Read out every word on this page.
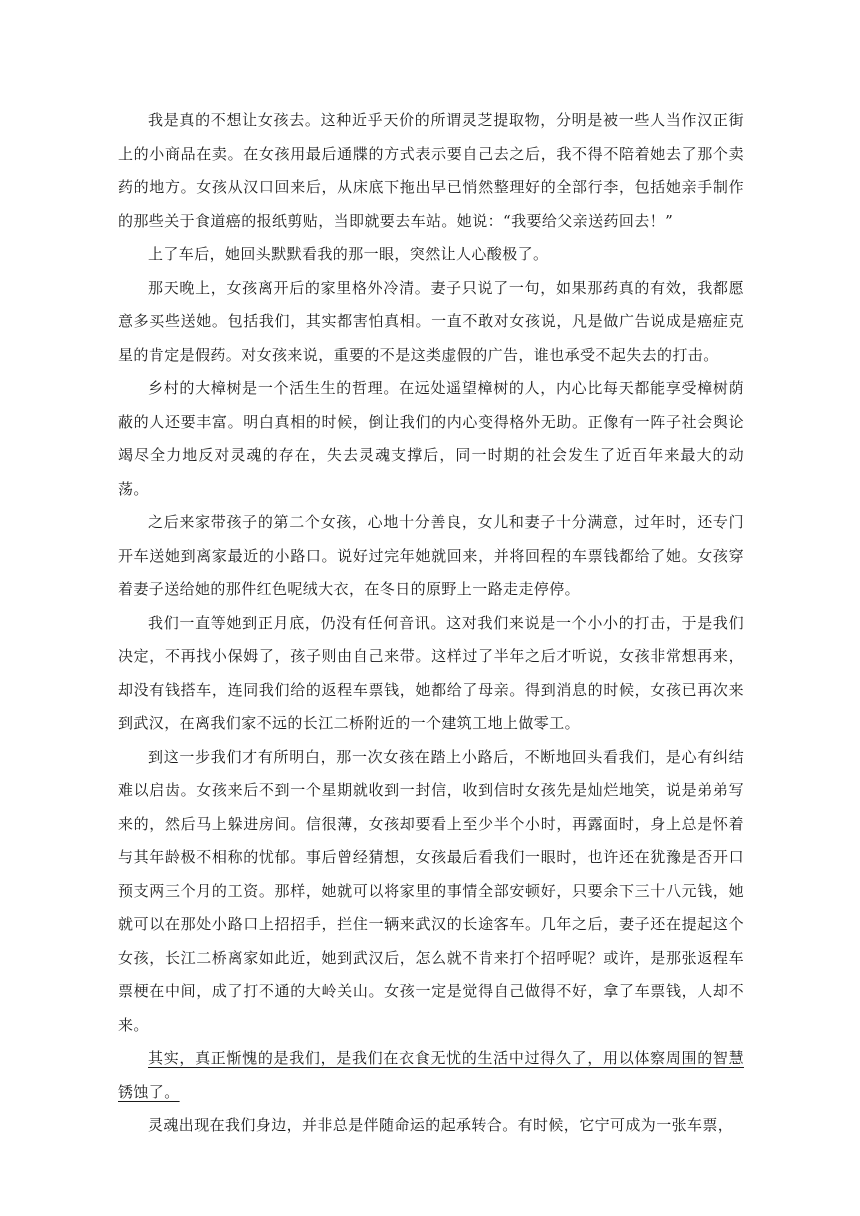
我是真的不想让女孩去。这种近乎天价的所谓灵芝提取物，分明是被一些人当作汉正街上的小商品在卖。在女孩用最后通牒的方式表示要自己去之后，我不得不陪着她去了那个卖药的地方。女孩从汉口回来后，从床底下拖出早已悄然整理好的全部行李，包括她亲手制作的那些关于食道癌的报纸剪贴，当即就要去车站。她说：“我要给父亲送药回去！”

上了车后，她回头默默看我的那一眼，突然让人心酸极了。

那天晚上，女孩离开后的家里格外冷清。妻子只说了一句，如果那药真的有效，我都愿意多买些送她。包括我们，其实都害怕真相。一直不敢对女孩说，凡是做广告说成是癌症克星的肯定是假药。对女孩来说，重要的不是这类虚假的广告，谁也承受不起失去的打击。

乡村的大樟树是一个活生生的哲理。在远处遥望樟树的人，内心比每天都能享受樟树荫蔽的人还要丰富。明白真相的时候，倒让我们的内心变得格外无助。正像有一阵子社会舆论竭尽全力地反对灵魂的存在，失去灵魂支撑后，同一时期的社会发生了近百年来最大的动荡。

之后来家带孩子的第二个女孩，心地十分善良，女儿和妻子十分满意，过年时，还专门开车送她到离家最近的小路口。说好过完年她就回来，并将回程的车票钱都给了她。女孩穿着妻子送给她的那件红色呢绒大衣，在冬日的原野上一路走走停停。

我们一直等她到正月底，仍没有任何音讯。这对我们来说是一个小小的打击，于是我们决定，不再找小保姆了，孩子则由自己来带。这样过了半年之后才听说，女孩非常想再来，却没有钱搭车，连同我们给的返程车票钱，她都给了母亲。得到消息的时候，女孩已再次来到武汉，在离我们家不远的长江二桥附近的一个建筑工地上做零工。

到这一步我们才有所明白，那一次女孩在踏上小路后，不断地回头看我们，是心有纠结难以启齿。女孩来后不到一个星期就收到一封信，收到信时女孩先是灿烂地笑，说是弟弟写来的，然后马上躲进房间。信很薄，女孩却要看上至少半个小时，再露面时，身上总是怀着与其年龄极不相称的忧郁。事后曾经猜想，女孩最后看我们一眼时，也许还在犹豫是否开口预支两三个月的工资。那样，她就可以将家里的事情全部安顿好，只要余下三十八元钱，她就可以在那处小路口上招招手，拦住一辆来武汉的长途客车。几年之后，妻子还在提起这个女孩，长江二桥离家如此近，她到武汉后，怎么就不肯来打个招呼呢？或许，是那张返程车票梗在中间，成了打不通的大岭关山。女孩一定是觉得自己做得不好，拿了车票钱，人却不来。

其实，真正惭愧的是我们，是我们在衣食无忧的生活中过得久了，用以体察周围的智慧锈蚀了。

灵魂出现在我们身边，并非总是伴随命运的起承转合。有时候，它宁可成为一张车票，
